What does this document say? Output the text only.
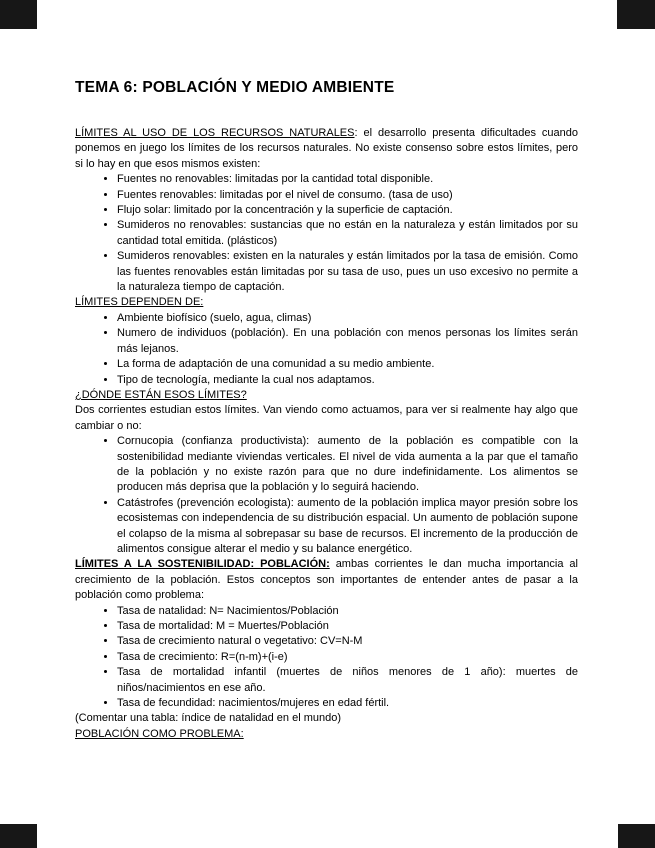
TEMA 6: POBLACIÓN Y MEDIO AMBIENTE

LÍMITES AL USO DE LOS RECURSOS NATURALES: el desarrollo presenta dificultades cuando ponemos en juego los límites de los recursos naturales. No existe consenso sobre estos límites, pero si lo hay en que esos mismos existen:

• Fuentes no renovables: limitadas por la cantidad total disponible.
• Fuentes renovables: limitadas por el nivel de consumo. (tasa de uso)
• Flujo solar: limitado por la concentración y la superficie de captación.
• Sumideros no renovables: sustancias que no están en la naturaleza y están limitados por su cantidad total emitida. (plásticos)
• Sumideros renovables: existen en la naturales y están limitados por la tasa de emisión. Como las fuentes renovables están limitadas por su tasa de uso, pues un uso excesivo no permite a la naturaleza tiempo de captación.

LÍMITES DEPENDEN DE:

• Ambiente biofísico (suelo, agua, climas)
• Numero de individuos (población). En una población con menos personas los límites serán más lejanos.
• La forma de adaptación de una comunidad a su medio ambiente.
• Tipo de tecnología, mediante la cual nos adaptamos.

¿DÓNDE ESTÁN ESOS LÍMITES?

Dos corrientes estudian estos límites. Van viendo como actuamos, para ver si realmente hay algo que cambiar o no:

• Cornucopia (confianza productivista): aumento de la población es compatible con la sostenibilidad mediante viviendas verticales. El nivel de vida aumenta a la par que el tamaño de la población y no existe razón para que no dure indefinidamente. Los alimentos se producen más deprisa que la población y lo seguirá haciendo.
• Catástrofes (prevención ecologista): aumento de la población implica mayor presión sobre los ecosistemas con independencia de su distribución espacial. Un aumento de población supone el colapso de la misma al sobrepasar su base de recursos. El incremento de la producción de alimentos consigue alterar el medio y su balance energético.

LÍMITES A LA SOSTENIBILIDAD: POBLACIÓN: ambas corrientes le dan mucha importancia al crecimiento de la población. Estos conceptos son importantes de entender antes de pasar a la población como problema:

• Tasa de natalidad: N= Nacimientos/Población
• Tasa de mortalidad: M = Muertes/Población
• Tasa de crecimiento natural o vegetativo: CV=N-M
• Tasa de crecimiento: R=(n-m)+(i-e)
• Tasa de mortalidad infantil (muertes de niños menores de 1 año): muertes de niños/nacimientos en ese año.
• Tasa de fecundidad: nacimientos/mujeres en edad fértil.

(Comentar una tabla: índice de natalidad en el mundo)

POBLACIÓN COMO PROBLEMA:
